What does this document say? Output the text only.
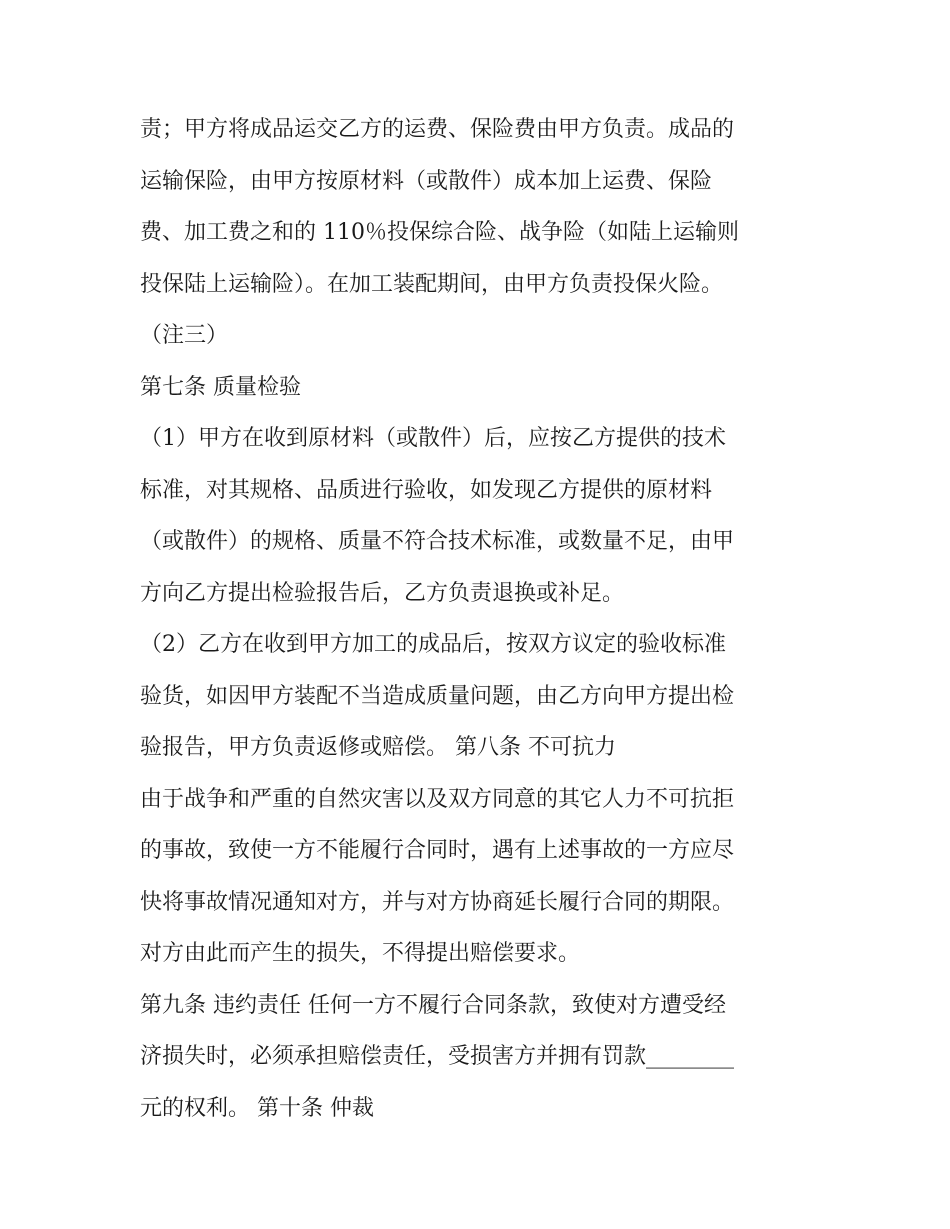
责；甲方将成品运交乙方的运费、保险费由甲方负责。成品的
运输保险，由甲方按原材料（或散件）成本加上运费、保险
费、加工费之和的 110％投保综合险、战争险（如陆上运输则
投保陆上运输险）。在加工装配期间，由甲方负责投保火险。
（注三）
第七条 质量检验
（1）甲方在收到原材料（或散件）后，应按乙方提供的技术
标准，对其规格、品质进行验收，如发现乙方提供的原材料
（或散件）的规格、质量不符合技术标准，或数量不足，由甲
方向乙方提出检验报告后，乙方负责退换或补足。
（2）乙方在收到甲方加工的成品后，按双方议定的验收标准
验货，如因甲方装配不当造成质量问题，由乙方向甲方提出检
验报告，甲方负责返修或赔偿。 第八条 不可抗力
由于战争和严重的自然灾害以及双方同意的其它人力不可抗拒
的事故，致使一方不能履行合同时，遇有上述事故的一方应尽
快将事故情况通知对方，并与对方协商延长履行合同的期限。
对方由此而产生的损失，不得提出赔偿要求。
第九条 违约责任 任何一方不履行合同条款，致使对方遭受经
济损失时，必须承担赔偿责任，受损害方并拥有罚款________
元的权利。 第十条 仲裁
